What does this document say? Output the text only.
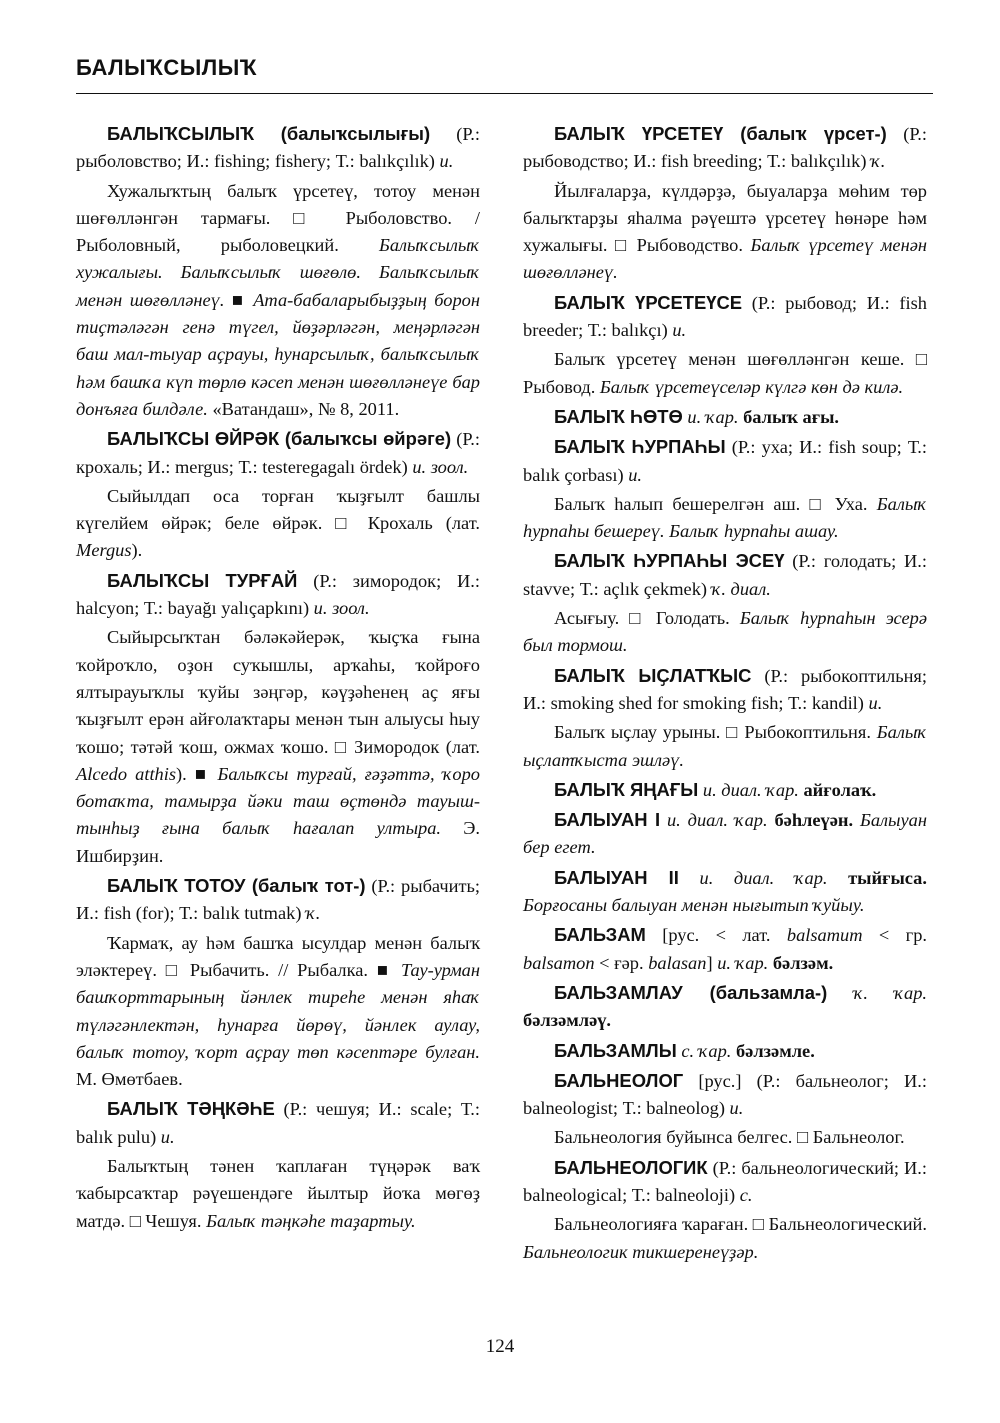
БАЛЫҠСЫЛЫҠ

БАЛЫҠСЫЛЫҠ (балыҡсылығы) (Р.: рыболовство; И.: fishing; fishery; Т.: balıkçılık) и.

Хужалыҡтың балыҡ үрсетеү, тотоу менән шөғөлләнгән тармағы. □ Рыболовство. / Рыболовный, рыболовецкий. Балыҡсылыҡ хужалығы. Балыҡсылыҡ шөғөлө. Балыҡсылыҡ менән шөғөлләнеү. ■ Ата-бабаларыбыҙҙың борон тиҫтәләгән генә түгел, йөҙәрләгән, меңәрләгән баш мал-тыуар аҫрауы, һунарсылыҡ, балыҡсылыҡ һәм башҡа күп төрлө кәсеп менән шөғөлләнеүе бар донъяға билдәле. «Ватандаш», № 8, 2011.

БАЛЫҠСЫ ӨЙРӘК (балыҡсы өйрәге) (Р.: крохаль; И.: mergus; Т.: testeregagalı ördek) и. зоол.

Сыйылдап оса торған ҡыҙғылт башлы күгелйем өйрәк; беле өйрәк. □ Крохаль (лат. Mergus).

БАЛЫҠСЫ ТУРҒАЙ (Р.: зимородок; И.: halcyon; Т.: bayağı yalıçapkını) и. зоол.

Сыйырсыҡтан бәләкәйерәк, ҡыҫҡа ғына ҡойроҡло, оҙон суҡышлы, арҡаһы, ҡойроғо ялтырауыҡлы ҡуйы зәңгәр, кәүҙәһенең аҫ яғы ҡыҙғылт ерән айғолаҡтары менән тын алыусы һыу ҡошо; тәтәй ҡош, ожмах ҡошо. □ Зимородок (лат. Alcedo atthis). ■ Балыҡсы турғай, ғәҙәттә, ҡоро ботаҡта, тамырҙа йәки таш өҫтөндә тауыш-тынһыҙ ғына балыҡ һағалап ултыра. Э. Ишбирҙин.

БАЛЫҠ ТОТОУ (балыҡ тот-) (Р.: рыбачить; И.: fish (for); Т.: balık tutmak) ҡ.

Ҡармаҡ, ау һәм башҡа ысулдар менән балыҡ эләктереү. □ Рыбачить. // Рыбалка. ■ Тау-урман башҡорттарының йәнлек тиреһе менән яһаҡ түләгәнлектән, һунарға йөрөү, йәнлек аулау, балыҡ тотоу, ҡорт аҫрау төп кәсептәре булған. М. Өмөтбаев.

БАЛЫҠ ТӘҢКӘҺЕ (Р.: чешуя; И.: scale; Т.: balık pulu) и.

Балыҡтың тәнен ҡаплаған түңәрәк ваҡ ҡабырсаҡтар рәүешендәге йылтыр йоҡа мөгөҙ матдә. □ Чешуя. Балыҡ тәңкәһе таҙартыу.

БАЛЫҠ ҮРСЕТЕҮ (балыҡ үрсет-) (Р.: рыбоводство; И.: fish breeding; Т.: balıkçılık) ҡ.

Йылғаларҙа, күлдәрҙә, быуаларҙа мөһим төр балыҡтарҙы яһалма рәүештә үрсетеү һөнәре һәм хужалығы. □ Рыбоводство. Балыҡ үрсетеү менән шөғөлләнеү.

БАЛЫҠ ҮРСЕТЕҮСЕ (Р.: рыбовод; И.: fish breeder; Т.: balıkçı) и.

Балыҡ үрсетеү менән шөғөлләнгән кеше. □ Рыбовод. Балыҡ үрсетеүселәр күлгә көн дә килә.

БАЛЫҠ ҺӨТӨ и. ҡар. балыҡ ағы.

БАЛЫҠ ҺУРПАҺЫ (Р.: уха; И.: fish soup; Т.: balık çorbası) и.

Балыҡ һалып бешерелгән аш. □ Уха. Балыҡ һурпаһы бешереү. Балыҡ һурпаһы ашау.

БАЛЫҠ ҺУРПАҺЫ ЭСЕҮ (Р.: голодать; И.: stavve; Т.: açlık çekmek) ҡ. диал.

Асығыу. □ Голодать. Балыҡ һурпаһын эсерә был тормош.

БАЛЫҠ ЫҪЛАТҠЫС (Р.: рыбокоптильня; И.: smoking shed for smoking fish; Т.: kandil) и.

Балыҡ ыҫлау урыны. □ Рыбокоптильня. Балыҡ ыҫлатҡыста эшләү.

БАЛЫҠ ЯҢАҒЫ и. диал. ҡар. айғолаҡ.

БАЛЫУАН I и. диал. ҡар. бәһлеүән. Балыуан бер егет.

БАЛЫУАН II и. диал. ҡар. тыйғыса. Борғосаны балыуан менән нығытып ҡуйыу.

БАЛЬЗАМ [рус. < лат. balsamum < гр. balsamon < ғәр. balasan] и. ҡар. бәлзәм.

БАЛЬЗАМЛАУ (бальзамла-) ҡ. ҡар. бәлзәмләү.

БАЛЬЗАМЛЫ с. ҡар. бәлзәмле.

БАЛЬНЕОЛОГ [рус.] (Р.: бальнеолог; И.: balneologist; Т.: balneolog) и.

Бальнеология буйынса белгес. □ Бальнеолог.

БАЛЬНЕОЛОГИК (Р.: бальнеологический; И.: balneological; Т.: balneoloji) с.

Бальнеологияға ҡараған. □ Бальнеологический. Бальнеологик тикшеренеүҙәр.

124
